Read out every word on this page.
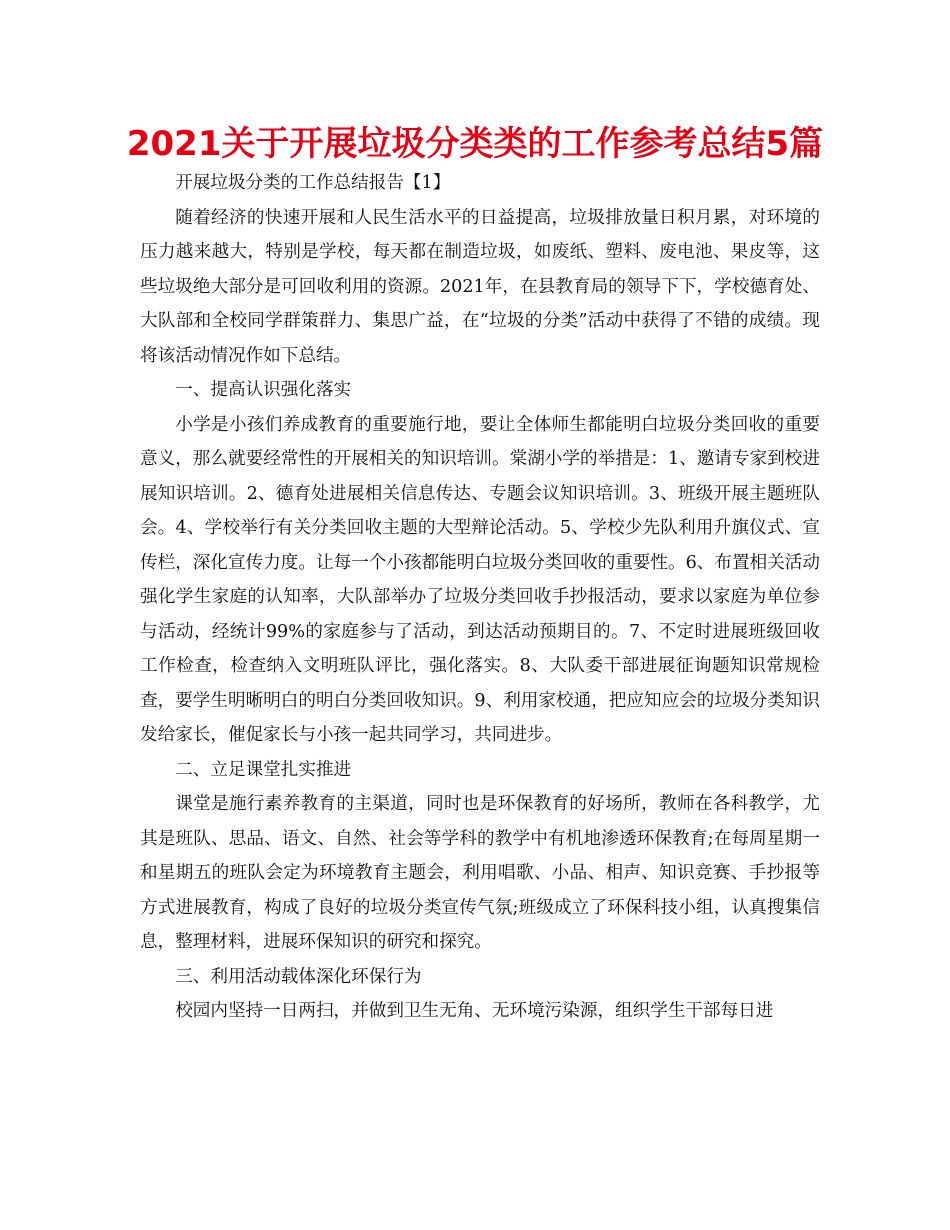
2021关于开展垃圾分类类的工作参考总结5篇

开展垃圾分类的工作总结报告【1】

随着经济的快速开展和人民生活水平的日益提高，垃圾排放量日积月累，对环境的压力越来越大，特别是学校，每天都在制造垃圾，如废纸、塑料、废电池、果皮等，这些垃圾绝大部分是可回收利用的资源。2021年，在县教育局的领导下下，学校德育处、大队部和全校同学群策群力、集思广益，在“垃圾的分类”活动中获得了不错的成绩。现将该活动情况作如下总结。

一、提高认识强化落实

小学是小孩们养成教育的重要施行地，要让全体师生都能明白垃圾分类回收的重要意义，那么就要经常性的开展相关的知识培训。棠湖小学的举措是：1、邀请专家到校进展知识培训。2、德育处进展相关信息传达、专题会议知识培训。3、班级开展主题班队会。4、学校举行有关分类回收主题的大型辩论活动。5、学校少先队利用升旗仪式、宣传栏，深化宣传力度。让每一个小孩都能明白垃圾分类回收的重要性。6、布置相关活动强化学生家庭的认知率，大队部举办了垃圾分类回收手抄报活动，要求以家庭为单位参与活动，经统计99%的家庭参与了活动，到达活动预期目的。7、不定时进展班级回收工作检查，检查纳入文明班队评比，强化落实。8、大队委干部进展征询题知识常规检查，要学生明晰明白的明白分类回收知识。9、利用家校通，把应知应会的垃圾分类知识发给家长，催促家长与小孩一起共同学习，共同进步。

二、立足课堂扎实推进

课堂是施行素养教育的主渠道，同时也是环保教育的好场所，教师在各科教学，尤其是班队、思品、语文、自然、社会等学科的教学中有机地渗透环保教育;在每周星期一和星期五的班队会定为环境教育主题会，利用唱歌、小品、相声、知识竞赛、手抄报等方式进展教育，构成了良好的垃圾分类宣传气氛;班级成立了环保科技小组，认真搜集信息，整理材料，进展环保知识的研究和探究。

三、利用活动载体深化环保行为

校园内坚持一日两扫，并做到卫生无角、无环境污染源，组织学生干部每日进
